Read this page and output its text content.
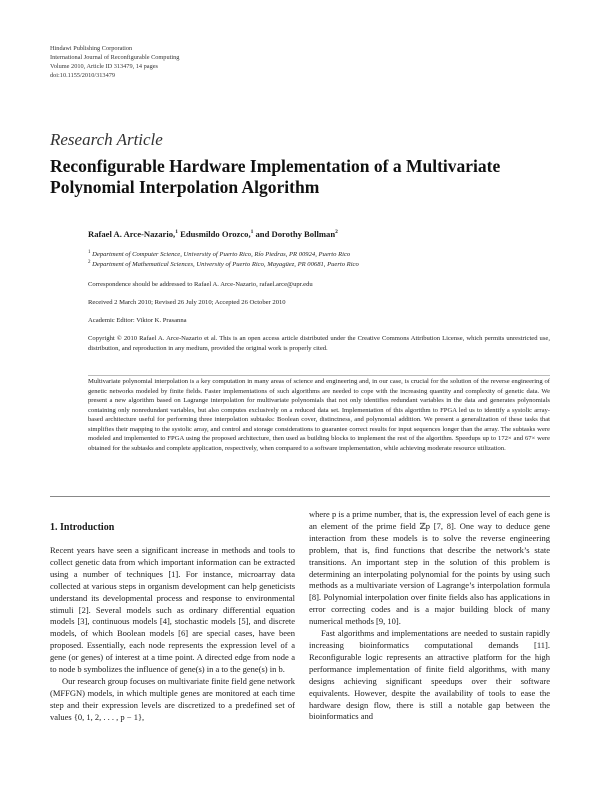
Hindawi Publishing Corporation
International Journal of Reconfigurable Computing
Volume 2010, Article ID 313479, 14 pages
doi:10.1155/2010/313479
Research Article
Reconfigurable Hardware Implementation of a Multivariate Polynomial Interpolation Algorithm
Rafael A. Arce-Nazario,$^1$ Edusmildo Orozco,$^1$ and Dorothy Bollman$^2$
$^1$ Department of Computer Science, University of Puerto Rico, Río Piedras, PR 00924, Puerto Rico
$^2$ Department of Mathematical Sciences, University of Puerto Rico, Mayagüez, PR 00681, Puerto Rico
Correspondence should be addressed to Rafael A. Arce-Nazario, rafael.arce@upr.edu
Received 2 March 2010; Revised 26 July 2010; Accepted 26 October 2010
Academic Editor: Viktor K. Prasanna
Copyright © 2010 Rafael A. Arce-Nazario et al. This is an open access article distributed under the Creative Commons Attribution License, which permits unrestricted use, distribution, and reproduction in any medium, provided the original work is properly cited.
Multivariate polynomial interpolation is a key computation in many areas of science and engineering and, in our case, is crucial for the solution of the reverse engineering of genetic networks modeled by finite fields. Faster implementations of such algorithms are needed to cope with the increasing quantity and complexity of genetic data. We present a new algorithm based on Lagrange interpolation for multivariate polynomials that not only identifies redundant variables in the data and generates polynomials containing only nonredundant variables, but also computes exclusively on a reduced data set. Implementation of this algorithm to FPGA led us to identify a systolic array-based architecture useful for performing three interpolation subtasks: Boolean cover, distinctness, and polynomial addition. We present a generalization of these tasks that simplifies their mapping to the systolic array, and control and storage considerations to guarantee correct results for input sequences longer than the array. The subtasks were modeled and implemented to FPGA using the proposed architecture, then used as building blocks to implement the rest of the algorithm. Speedups up to 172× and 67× were obtained for the subtasks and complete application, respectively, when compared to a software implementation, while achieving moderate resource utilization.
1. Introduction

Recent years have seen a significant increase in methods and tools to collect genetic data from which important information can be extracted using a number of techniques [1]. For instance, microarray data collected at various steps in organism development can help geneticists understand its developmental process and response to environmental stimuli [2]. Several models such as ordinary differential equation models [3], continuous models [4], stochastic models [5], and discrete models, of which Boolean models [6] are special cases, have been proposed. Essentially, each node represents the expression level of a gene (or genes) of interest at a time point. A directed edge from node a to node b symbolizes the influence of gene(s) in a to the gene(s) in b.

Our research group focuses on multivariate finite field gene network (MFFGN) models, in which multiple genes are monitored at each time step and their expression levels are discretized to a predefined set of values {0, 1, 2, . . . , p − 1},

where p is a prime number, that is, the expression level of each gene is an element of the prime field ℤp [7, 8]. One way to deduce gene interaction from these models is to solve the reverse engineering problem, that is, find functions that describe the network’s state transitions. An important step in the solution of this problem is determining an interpolating polynomial for the points by using such methods as a multivariate version of Lagrange’s interpolation formula [8]. Polynomial interpolation over finite fields also has applications in error correcting codes and is a major building block of many numerical methods [9, 10].

Fast algorithms and implementations are needed to sustain rapidly increasing bioinformatics computational demands [11]. Reconfigurable logic represents an attractive platform for the high performance implementation of finite field algorithms, with many designs achieving significant speedups over their software equivalents. However, despite the availability of tools to ease the hardware design flow, there is still a notable gap between the bioinformatics and
